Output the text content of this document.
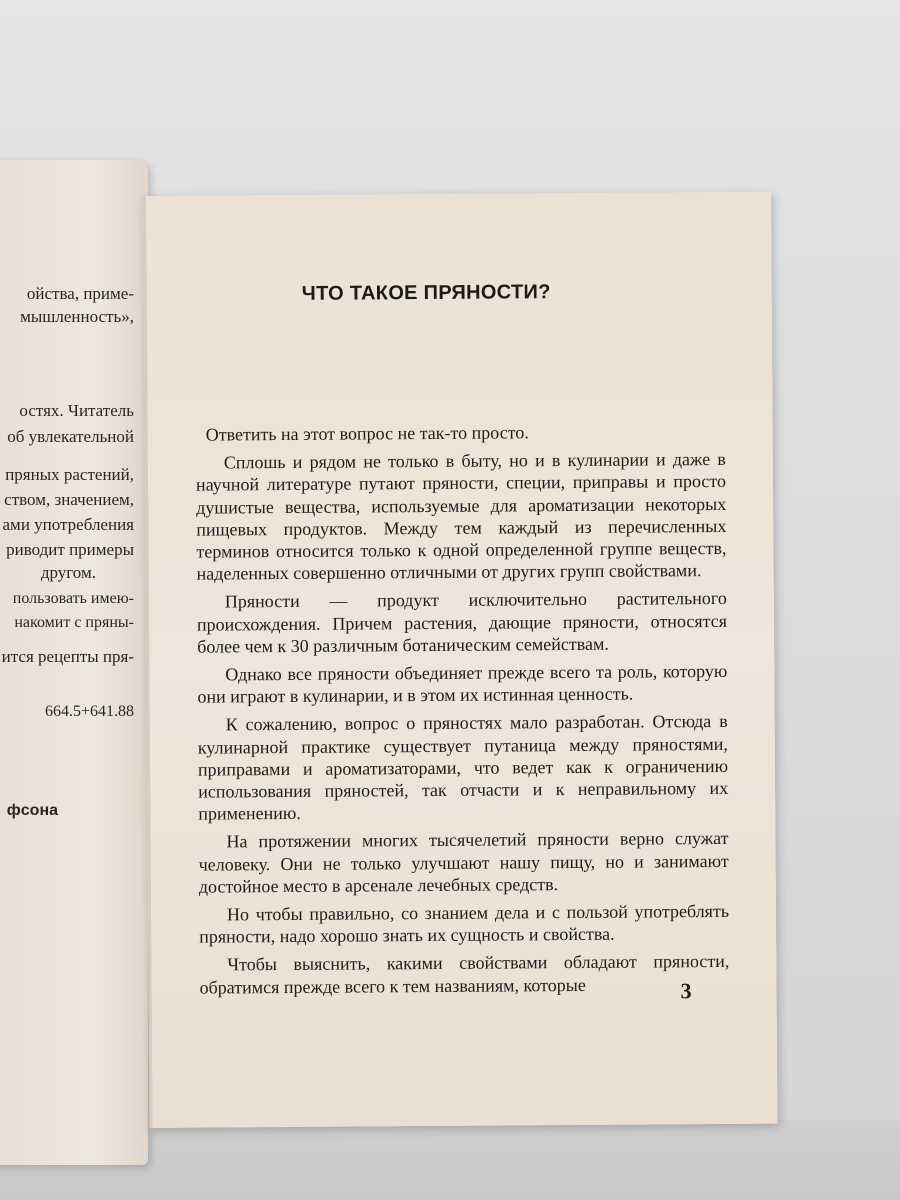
ойства, приме-
мышленность»,
остях. Читатель
об увлекательной
пряных растений,
ством, значением,
ами употребления
риводит примеры
другом.
пользовать имею-
накомит с пряны-
ится рецепты пря-
664.5+641.88
фсона
ЧТО ТАКОЕ ПРЯНОСТИ?

Ответить на этот вопрос не так-то просто.

Сплошь и рядом не только в быту, но и в кулинарии и даже в научной литературе путают пряности, специи, приправы и просто душистые вещества, используемые для ароматизации некоторых пищевых продуктов. Между тем каждый из перечисленных терминов относится только к одной определенной группе веществ, наделенных совершенно отличными от других групп свойствами.

Пряности — продукт исключительно растительного происхождения. Причем растения, дающие пряности, относятся более чем к 30 различным ботаническим семействам.

Однако все пряности объединяет прежде всего та роль, которую они играют в кулинарии, и в этом их истинная ценность.

К сожалению, вопрос о пряностях мало разработан. Отсюда в кулинарной практике существует путаница между пряностями, приправами и ароматизаторами, что ведет как к ограничению использования пряностей, так отчасти и к неправильному их применению.

На протяжении многих тысячелетий пряности верно служат человеку. Они не только улучшают нашу пищу, но и занимают достойное место в арсенале лечебных средств.

Но чтобы правильно, со знанием дела и с пользой употреблять пряности, надо хорошо знать их сущность и свойства.

Чтобы выяснить, какими свойствами обладают пряности, обратимся прежде всего к тем названиям, которые	3
